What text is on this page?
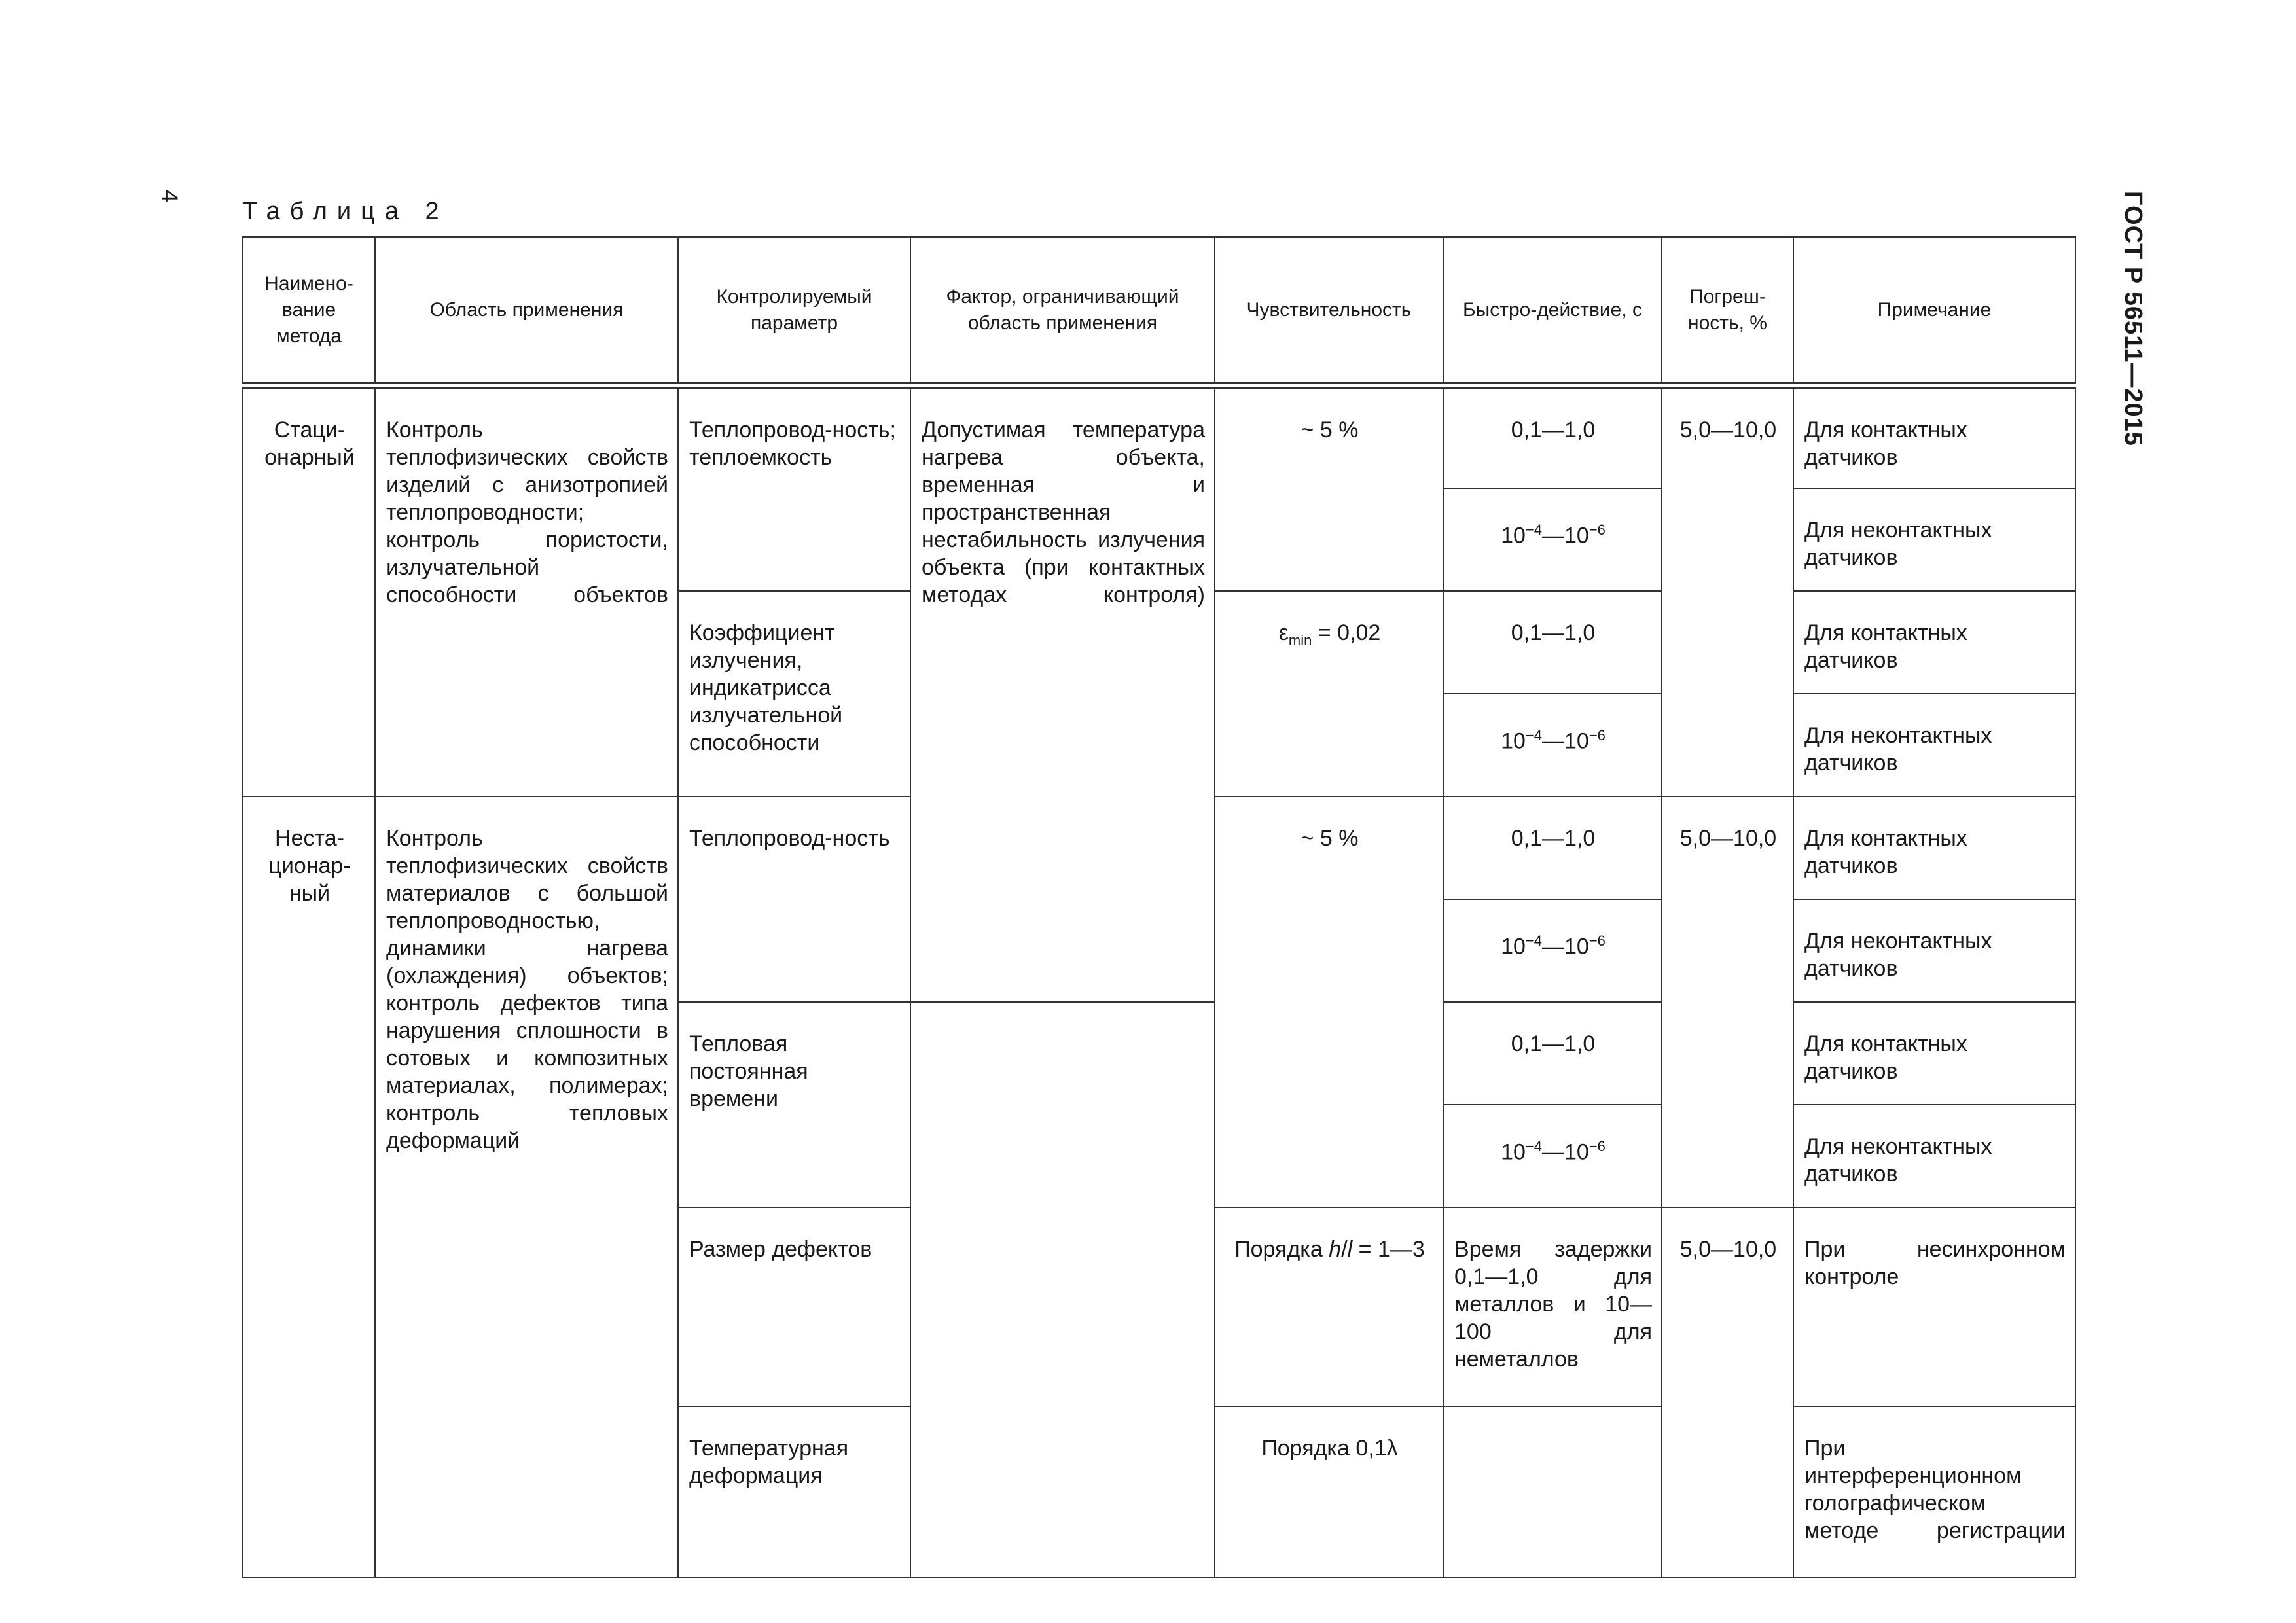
4	ГОСТ Р 56511—2015
Таблица 2
Наимено-вание метода	Область применения	Контролируемый параметр	Фактор, ограничивающий область применения	Чувствительность	Быстро-действие, с	Погреш-ность, %	Примечание
Стаци-онарный	Контроль теплофизических свойств изделий с анизотропией теплопроводности; контроль пористости, излучательной способности объектов	Теплопровод-ность; теплоемкость	Допустимая температура нагрева объекта, временная и пространственная нестабильность излучения объекта (при контактных методах контроля)	~ 5 %	0,1—1,0	5,0—10,0	Для контактных датчиков
					$10^{-4}—10^{-6}$		Для неконтактных датчиков
		Коэффициент излучения, индикатрисса излучательной способности		$\varepsilon_{min} = 0,02$	0,1—1,0		Для контактных датчиков
					$10^{-4}—10^{-6}$		Для неконтактных датчиков
Неста-ционар-ный	Контроль теплофизических свойств материалов с большой теплопроводностью, динамики нагрева (охлаждения) объектов; контроль дефектов типа нарушения сплошности в сотовых и композитных материалах, полимерах; контроль тепловых деформаций	Теплопровод-ность		~ 5 %	0,1—1,0	5,0—10,0	Для контактных датчиков
					$10^{-4}—10^{-6}$		Для неконтактных датчиков
		Тепловая постоянная времени			0,1—1,0		Для контактных датчиков
					$10^{-4}—10^{-6}$		Для неконтактных датчиков
		Размер дефектов		Порядка h/l = 1—3	Время задержки 0,1—1,0 для металлов и 10—100 для неметаллов	5,0—10,0	При несинхронном контроле
		Температурная деформация		Порядка 0,1λ			При интерференционном голографическом методе регистрации
